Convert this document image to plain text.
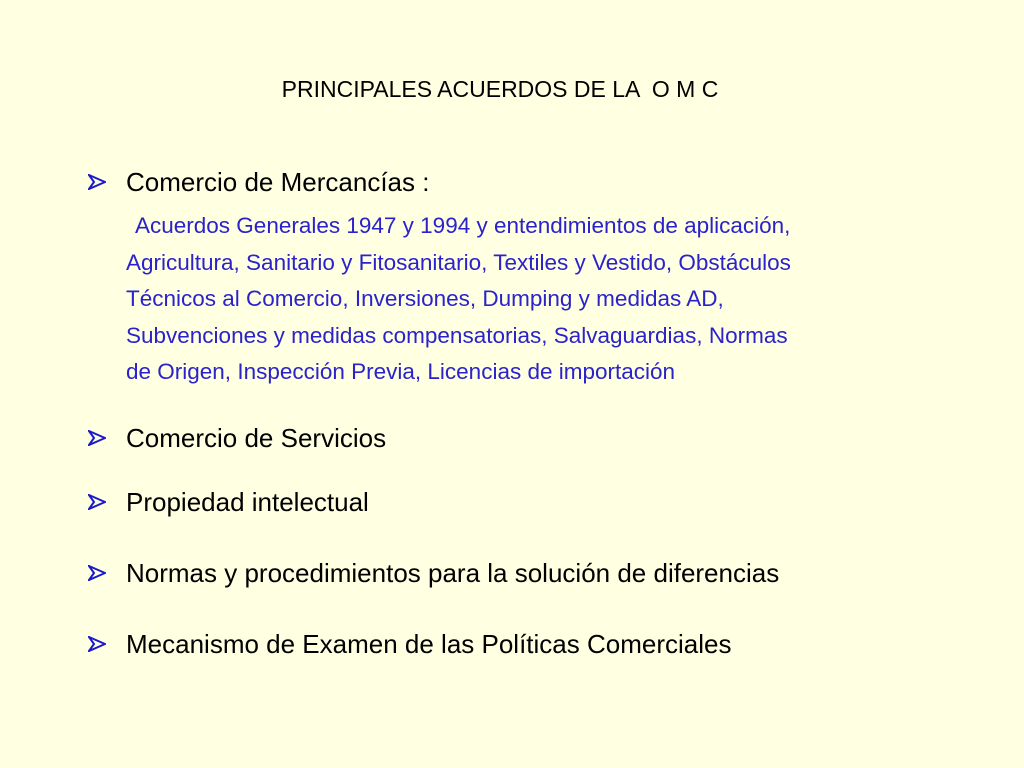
PRINCIPALES ACUERDOS DE LA  O M C
Comercio de Mercancías :
Acuerdos Generales 1947 y 1994 y entendimientos de aplicación,
Agricultura, Sanitario y Fitosanitario, Textiles y Vestido, Obstáculos
Técnicos al Comercio, Inversiones, Dumping y medidas AD,
Subvenciones y medidas compensatorias, Salvaguardias, Normas
de Origen, Inspección Previa, Licencias de importación
Comercio de Servicios
Propiedad intelectual
Normas y procedimientos para la solución de diferencias
Mecanismo de Examen de las Políticas Comerciales
